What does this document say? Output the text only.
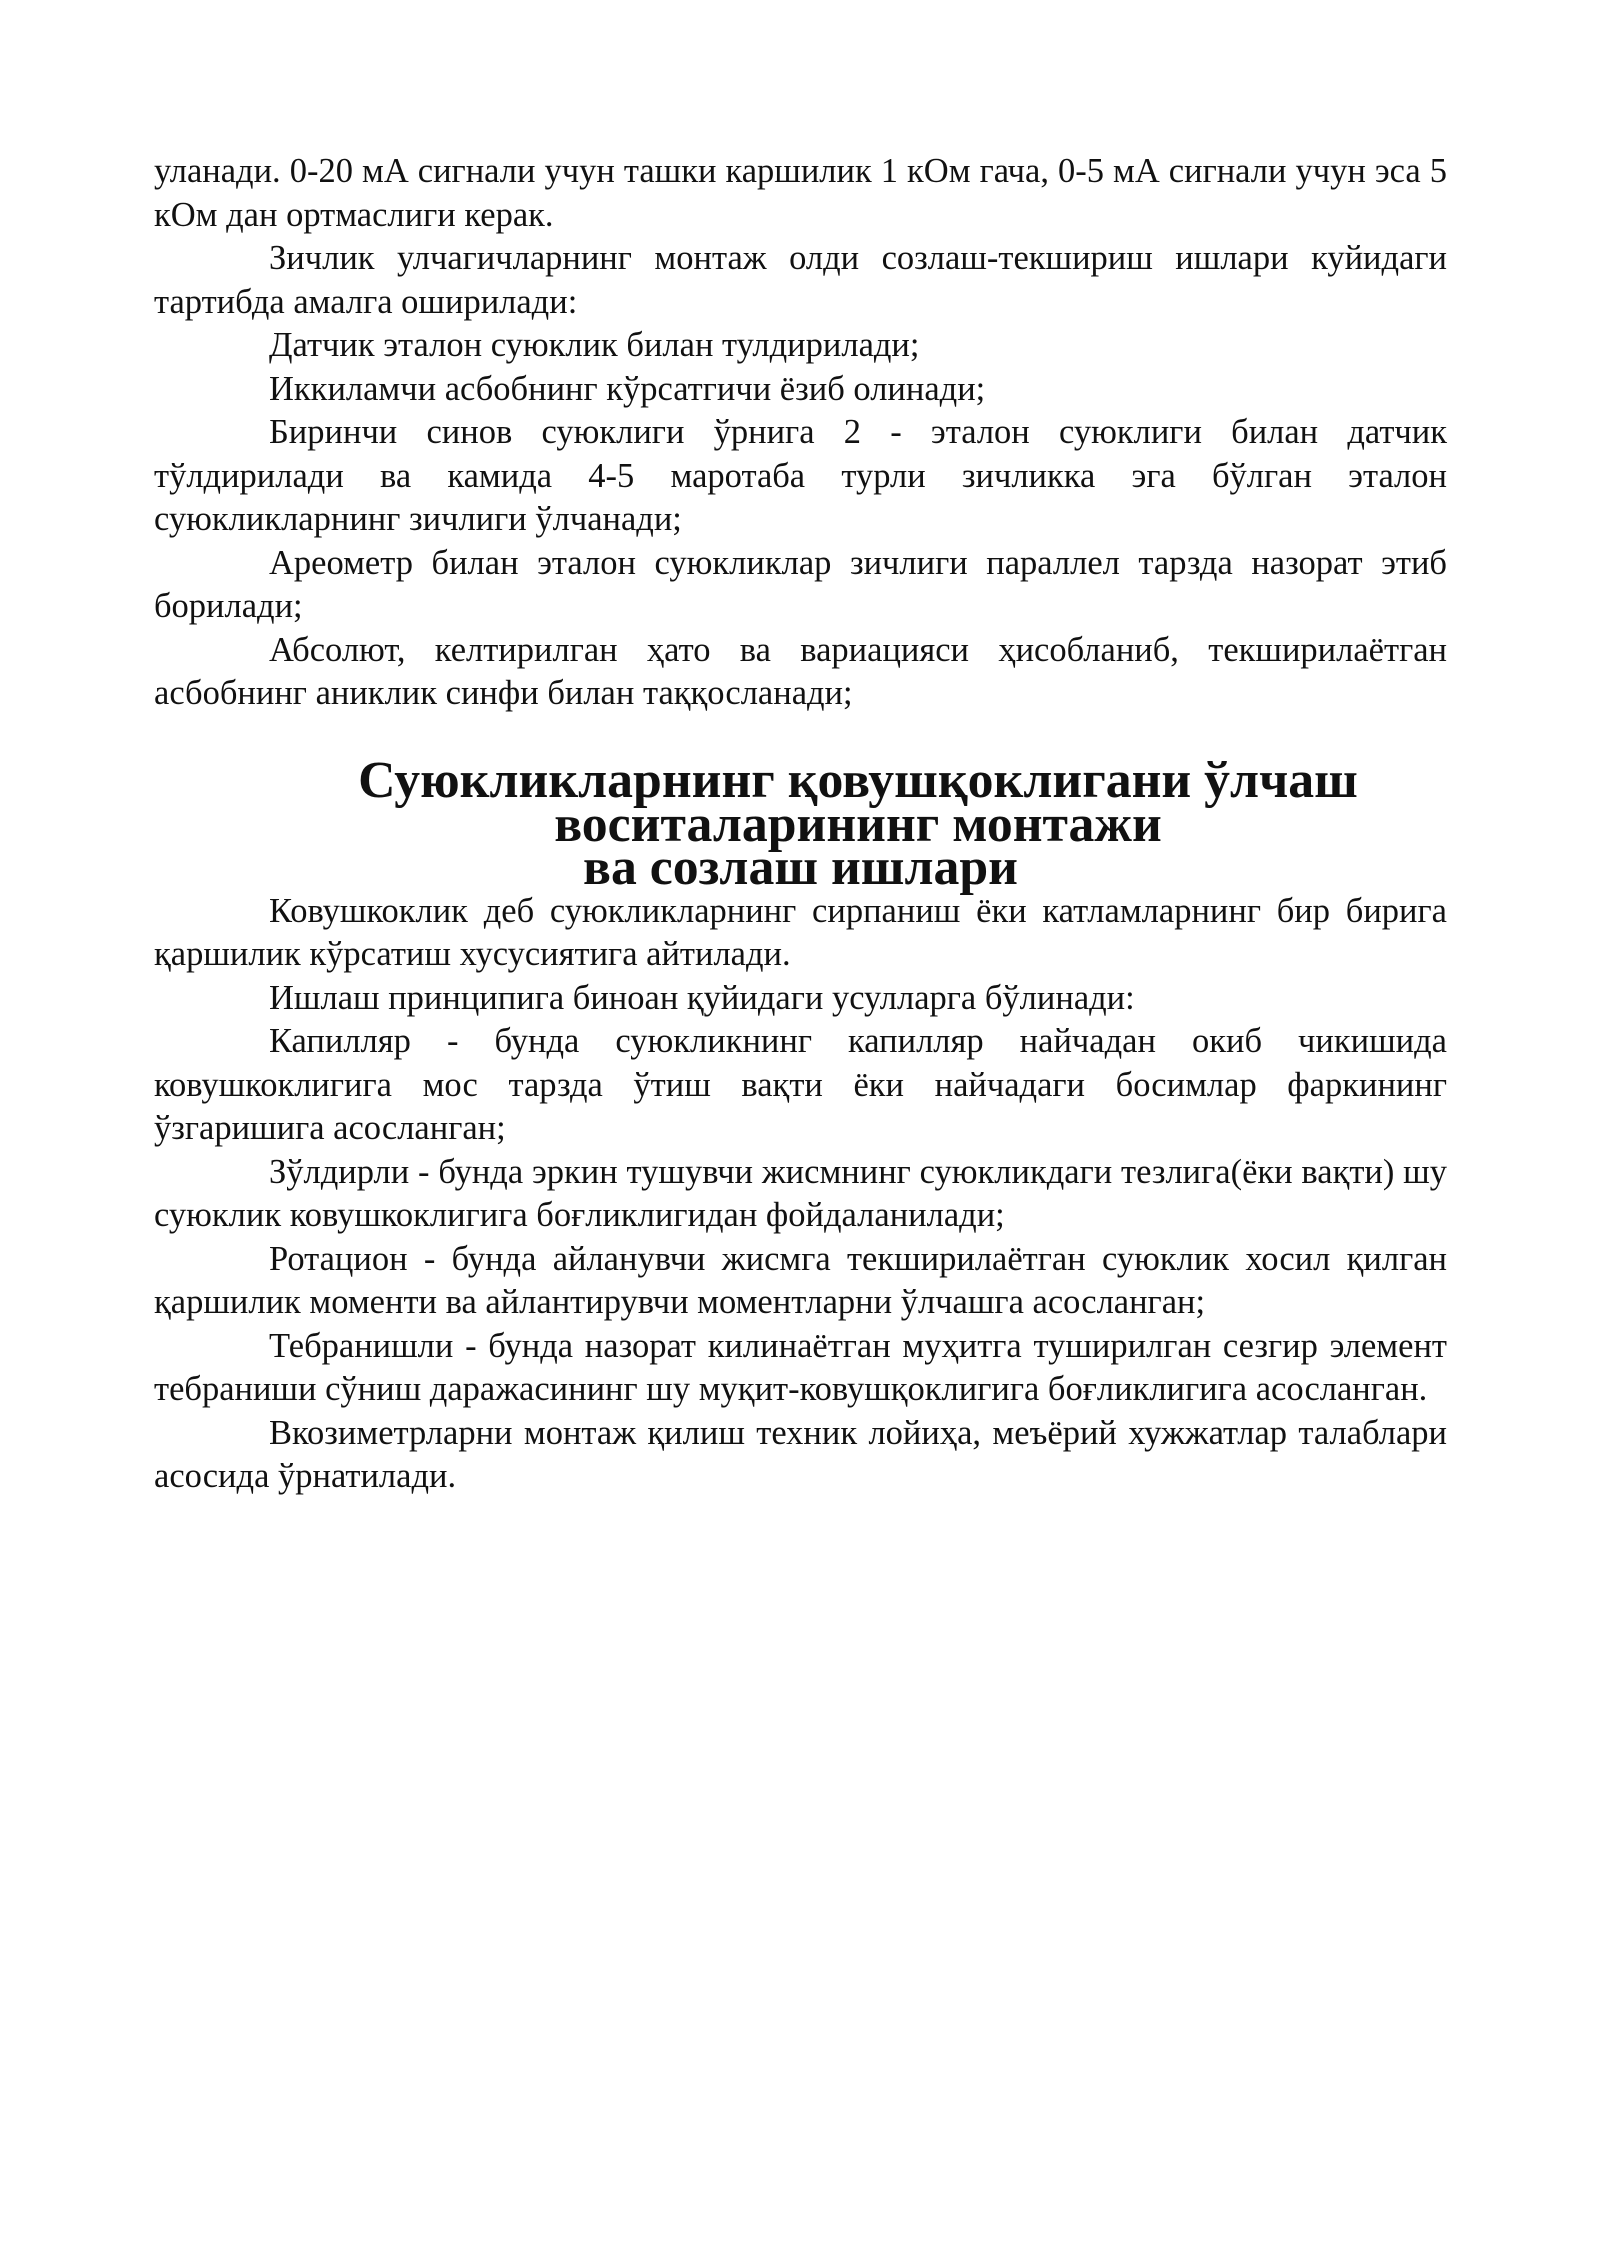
уланади. 0-20 мА сигнали учун ташки каршилик 1 кОм гача, 0-5 мА сигнали учун эса 5 кОм дан ортмаслиги керак.

Зичлик улчагичларнинг монтаж олди созлаш-текшириш ишлари куйидаги тартибда амалга оширилади:

Датчик эталон суюклик билан тулдирилади;

Иккиламчи асбобнинг кўрсатгичи ёзиб олинади;

Биринчи синов суюклиги ўрнига 2 - эталон суюклиги билан датчик тўлдирилади ва камида 4-5 маротаба турли зичликка эга бўлган эталон суюкликларнинг зичлиги ўлчанади;

Ареометр билан эталон суюкликлар зичлиги параллел тарзда назорат этиб борилади;

Абсолют, келтирилган ҳато ва вариацияси ҳисобланиб, текширилаётган асбобнинг аниклик синфи билан таққосланади;

Суюкликларнинг қовушқоклигани ўлчаш воситаларининг монтажи
ва созлаш ишлари

Ковушкоклик деб суюкликларнинг сирпаниш ёки катламларнинг бир бирига қаршилик кўрсатиш хусусиятига айтилади.

Ишлаш принципига биноан қуйидаги усулларга бўлинади:

Капилляр - бунда суюкликнинг капилляр найчадан окиб чикишида ковушкоклигига мос тарзда ўтиш вақти ёки найчадаги босимлар фаркининг ўзгаришига асосланган;

Зўлдирли - бунда эркин тушувчи жисмнинг суюкликдаги тезлига(ёки вақти) шу суюклик ковушкоклигига боғликлигидан фойдаланилади;

Ротацион - бунда айланувчи жисмга текширилаётган суюклик хосил қилган қаршилик моменти ва айлантирувчи моментларни ўлчашга асосланган;

Тебранишли - бунда назорат килинаётган муҳитга туширилган сезгир элемент тебраниши сўниш даражасининг шу муқит-ковушқоклигига боғликлигига асосланган.

Вкозиметрларни монтаж қилиш техник лойиҳа, меъёрий хужжатлар талаблари асосида ўрнатилади.
